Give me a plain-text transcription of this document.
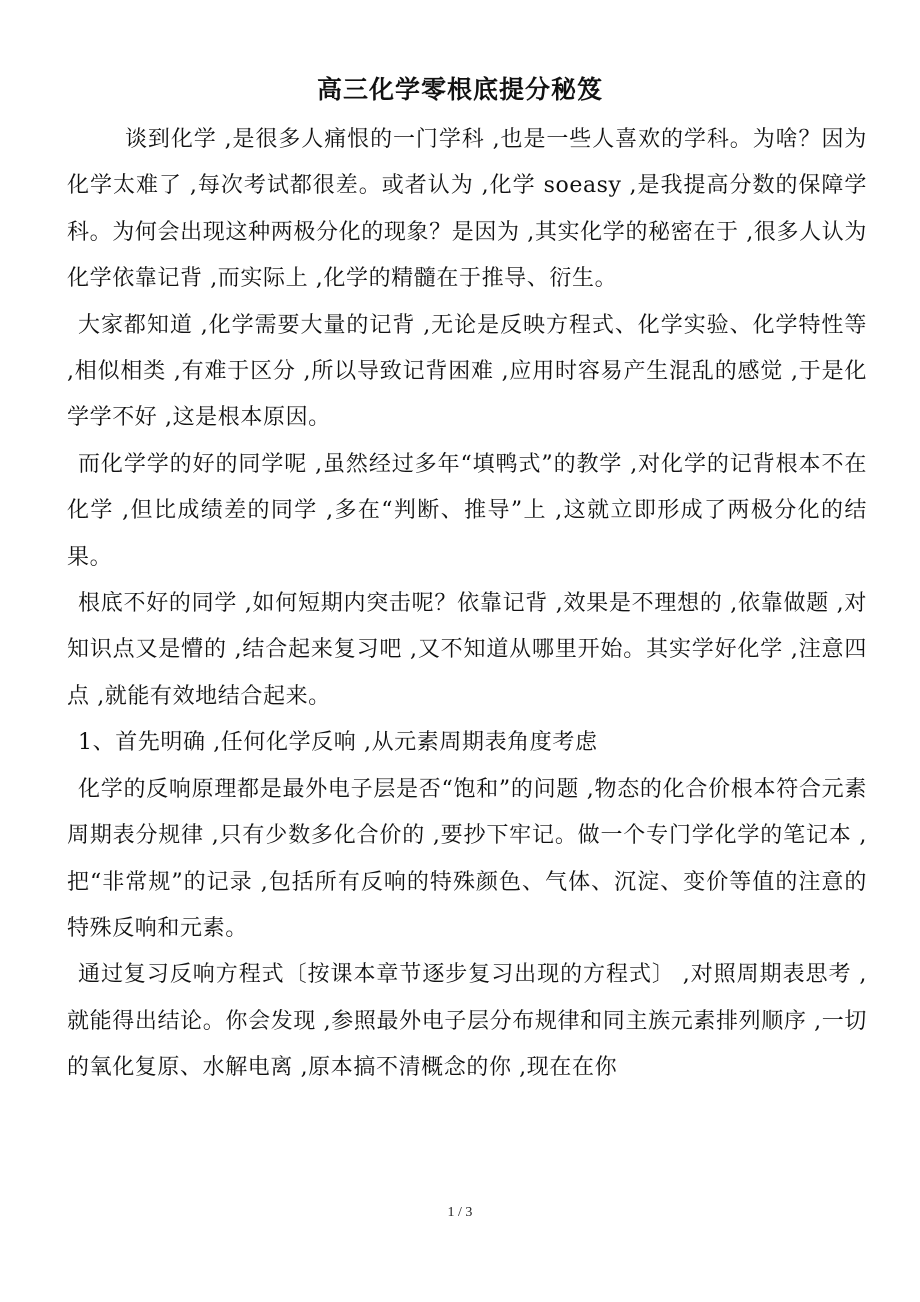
高三化学零根底提分秘笈

谈到化学 ,是很多人痛恨的一门学科 ,也是一些人喜欢的学科。为啥？因为化学太难了 ,每次考试都很差。或者认为 ,化学 soeasy ,是我提高分数的保障学科。为何会出现这种两极分化的现象？是因为 ,其实化学的秘密在于 ,很多人认为化学依靠记背 ,而实际上 ,化学的精髓在于推导、衍生。

大家都知道 ,化学需要大量的记背 ,无论是反映方程式、化学实验、化学特性等 ,相似相类 ,有难于区分 ,所以导致记背困难 ,应用时容易产生混乱的感觉 ,于是化学学不好 ,这是根本原因。

而化学学的好的同学呢 ,虽然经过多年“填鸭式”的教学 ,对化学的记背根本不在化学 ,但比成绩差的同学 ,多在“判断、推导”上 ,这就立即形成了两极分化的结果。

根底不好的同学 ,如何短期内突击呢？依靠记背 ,效果是不理想的 ,依靠做题 ,对知识点又是懵的 ,结合起来复习吧 ,又不知道从哪里开始。其实学好化学 ,注意四点 ,就能有效地结合起来。

1、首先明确 ,任何化学反响 ,从元素周期表角度考虑

化学的反响原理都是最外电子层是否“饱和”的问题 ,物态的化合价根本符合元素周期表分规律 ,只有少数多化合价的 ,要抄下牢记。做一个专门学化学的笔记本 ,把“非常规”的记录 ,包括所有反响的特殊颜色、气体、沉淀、变价等值的注意的特殊反响和元素。

通过复习反响方程式〔按课本章节逐步复习出现的方程式〕 ,对照周期表思考 ,就能得出结论。你会发现 ,参照最外电子层分布规律和同主族元素排列顺序 ,一切的氧化复原、水解电离 ,原本搞不清概念的你 ,现在在你

1 / 3
